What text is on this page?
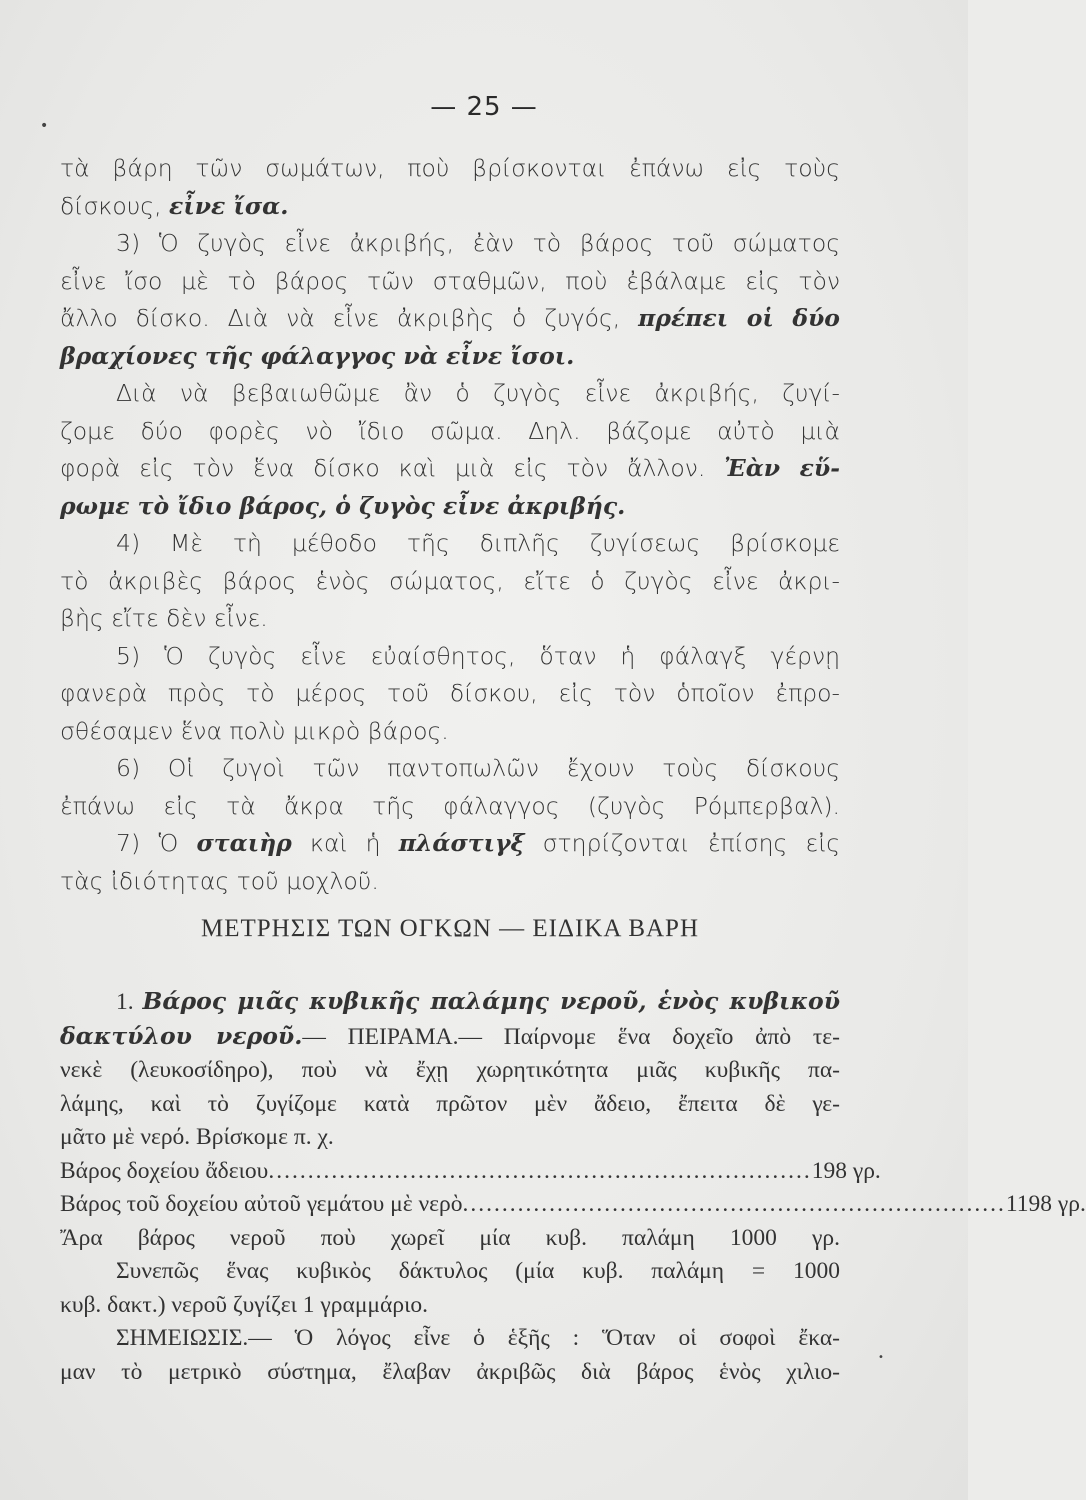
— 25 —
τὰ βάρη τῶν σωμάτων, ποὺ βρίσκονται ἐπάνω εἰς τοὺς
δίσκους, εἶνε ἴσα.
3) Ὁ ζυγὸς εἶνε ἀκριβής, ἐὰν τὸ βάρος τοῦ σώματος
εἶνε ἴσο μὲ τὸ βάρος τῶν σταθμῶν, ποὺ ἐβάλαμε εἰς τὸν
ἄλλο δίσκο. Διὰ νὰ εἶνε ἀκριβὴς ὁ ζυγός, πρέπει οἱ δύο
βραχίονες τῆς φάλαγγος νὰ εἶνε ἴσοι.
Διὰ νὰ βεβαιωθῶμε ἂν ὁ ζυγὸς εἶνε ἀκριβής, ζυγί-
ζομε δύο φορὲς νὸ ἴδιο σῶμα. Δηλ. βάζομε αὐτὸ μιὰ
φορὰ εἰς τὸν ἕνα δίσκο καὶ μιὰ εἰς τὸν ἄλλον. Ἐὰν εὕ-
ρωμε τὸ ἴδιο βάρος, ὁ ζυγὸς εἶνε ἀκριβής.
4) Μὲ τὴ μέθοδο τῆς διπλῆς ζυγίσεως βρίσκομε
τὸ ἀκριβὲς βάρος ἑνὸς σώματος, εἴτε ὁ ζυγὸς εἶνε ἀκρι-
βὴς εἴτε δὲν εἶνε.
5) Ὁ ζυγὸς εἶνε εὐαίσθητος, ὅταν ἡ φάλαγξ γέρνῃ
φανερὰ πρὸς τὸ μέρος τοῦ δίσκου, εἰς τὸν ὁποῖον ἐπρο-
σθέσαμεν ἕνα πολὺ μικρὸ βάρος.
6) Οἱ ζυγοὶ τῶν παντοπωλῶν ἔχουν τοὺς δίσκους
ἐπάνω εἰς τὰ ἄκρα τῆς φάλαγγος (ζυγὸς Ρόμπερβαλ).
7) Ὁ σταιὴρ καὶ ἡ πλάστιγξ στηρίζονται ἐπίσης εἰς
τὰς ἰδιότητας τοῦ μοχλοῦ.
ΜΕΤΡΗΣΙΣ ΤΩΝ ΟΓΚΩΝ — ΕΙΔΙΚΑ ΒΑΡΗ
1. Βάρος μιᾶς κυβικῆς παλάμης νεροῦ, ἑνὸς κυβικοῦ
δακτύλου νεροῦ.— ΠΕΙΡΑΜΑ.— Παίρνομε ἕνα δοχεῖο ἀπὸ τε-
νεκὲ (λευκοσίδηρο), ποὺ νὰ ἔχῃ χωρητικότητα μιᾶς κυβικῆς πα-
λάμης, καὶ τὸ ζυγίζομε κατὰ πρῶτον μὲν ἄδειο, ἔπειτα δὲ γε-
μᾶτο μὲ νερό. Βρίσκομε π. χ.
Βάρος δοχείου ἄδειου ..................................................................... 198 γρ.
Βάρος τοῦ δοχείου αὐτοῦ γεμάτου μὲ νερὸ ..................................................................... 1198 γρ.
Ἄρα βάρος νεροῦ ποὺ χωρεῖ μία κυβ. παλάμη 1000 γρ.
Συνεπῶς ἕνας κυβικὸς δάκτυλος (μία κυβ. παλάμη = 1000
κυβ. δακτ.) νεροῦ ζυγίζει 1 γραμμάριο.
ΣΗΜΕΙΩΣΙΣ.— Ὁ λόγος εἶνε ὁ ἑξῆς : Ὅταν οἱ σοφοὶ ἔκα-
μαν τὸ μετρικὸ σύστημα, ἔλαβαν ἀκριβῶς διὰ βάρος ἑνὸς χιλιο-
•
•
